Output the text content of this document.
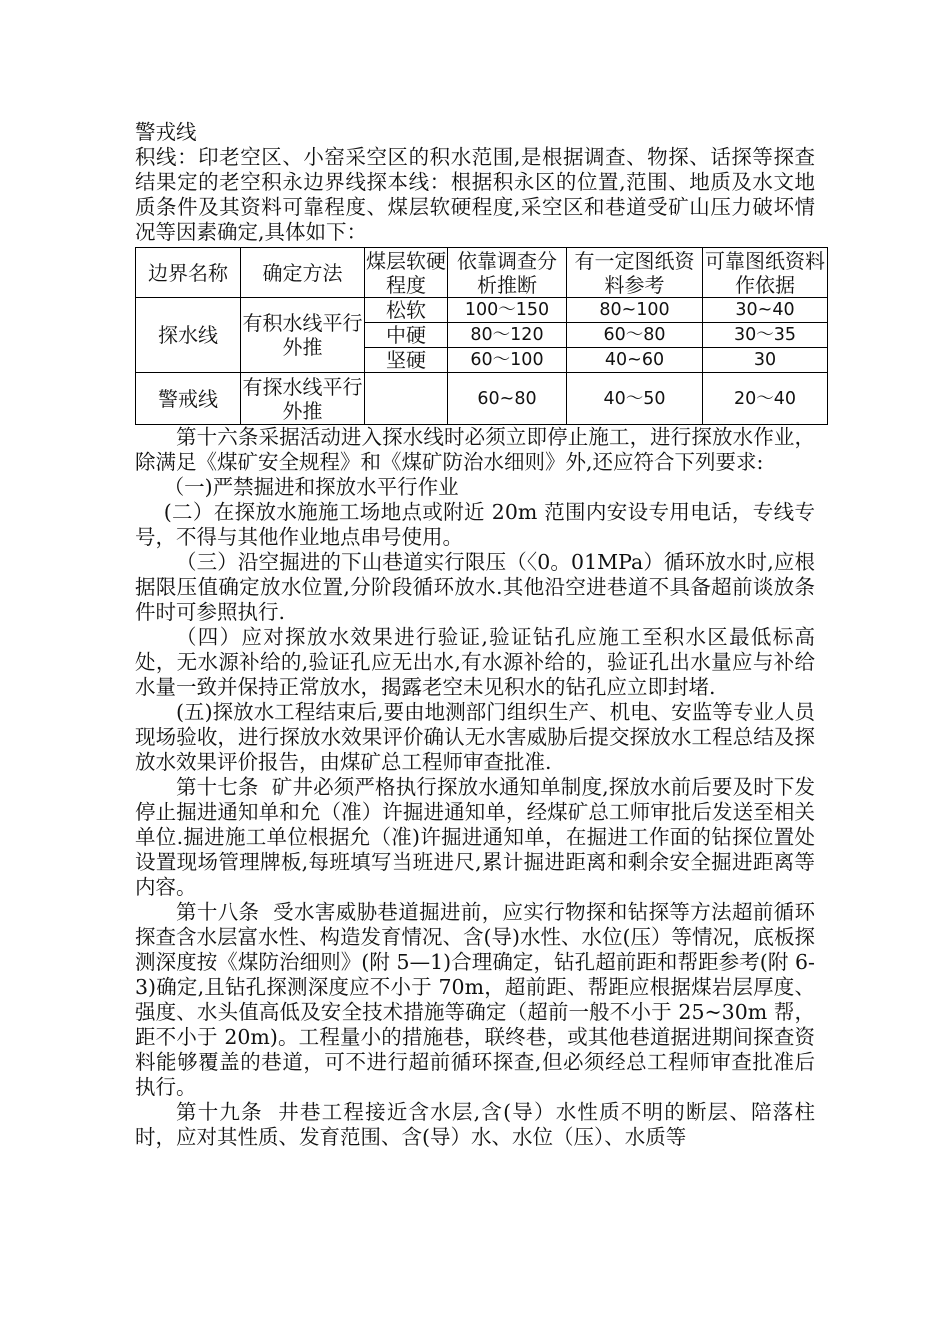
警戎线

积线：印老空区、小窑采空区的积水范围,是根据调查、物探、话探等探查结果定的老空积永边界线探本线：根据积永区的位置,范围、地质及水文地质条件及其资料可靠程度、煤层软硬程度,采空区和巷道受矿山压力破坏情况等因素确定,具体如下：

边界名称	确定方法	煤层软硬程度	依靠调查分析推断	有一定图纸资料参考	可靠图纸资料作依据
探水线	有积水线平行外推	松软	100～150	80~100	30~40
		中硬	80～120	60～80	30～35
		坚硬	60～100	40~60	30
警戒线	有探水线平行外推		60~80	40～50	20～40

第十六条采据活动进入探水线时必须立即停止施工，进行探放水作业，除满足《煤矿安全规程》和《煤矿防治水细则》外,还应符合下列要求:

（一)严禁掘进和探放水平行作业

(二）在探放水施施工场地点或附近 20m 范围内安设专用电话，专线专号，不得与其他作业地点串号使用。

（三）沿空掘进的下山巷道实行限压（〈0。01MPa）循环放水时,应根据限压值确定放水位置,分阶段循环放水.其他沿空进巷道不具备超前谈放条件时可参照执行.

（四）应对探放水效果进行验证,验证钻孔应施工至积水区最低标高处，无水源补给的,验证孔应无出水,有水源补给的，验证孔出水量应与补给水量一致并保持正常放水，揭露老空未见积水的钻孔应立即封堵.

(五)探放水工程结束后,要由地测部门组织生产、机电、安监等专业人员现场验收，进行探放水效果评价确认无水害威胁后提交探放水工程总结及探放水效果评价报告，由煤矿总工程师审查批准.

第十七条  矿井必须严格执行探放水通知单制度,探放水前后要及时下发停止掘进通知单和允（准）许掘进通知单，经煤矿总工师审批后发送至相关单位.掘进施工单位根据允（准)许掘进通知单，在掘进工作面的钻探位置处设置现场管理牌板,每班填写当班进尺,累计掘进距离和剩余安全掘进距离等内容。

第十八条  受水害威胁巷道掘进前，应实行物探和钻探等方法超前循环探查含水层富水性、构造发育情况、含(导)水性、水位(压）等情况，底板探测深度按《煤防治细则》(附 5—1)合理确定，钻孔超前距和帮距参考(附 6-3)确定,且钻孔探测深度应不小于 70m，超前距、帮距应根据煤岩层厚度、强度、水头值高低及安全技术措施等确定（超前一般不小于 25~30m 帮，距不小于 20m)。工程量小的措施巷，联终巷，或其他巷道据进期间探查资料能够覆盖的巷道，可不进行超前循环探查,但必须经总工程师审查批准后执行。

第十九条  井巷工程接近含水层,含(导）水性质不明的断层、陪落柱时，应对其性质、发育范围、含(导）水、水位（压）、水质等
